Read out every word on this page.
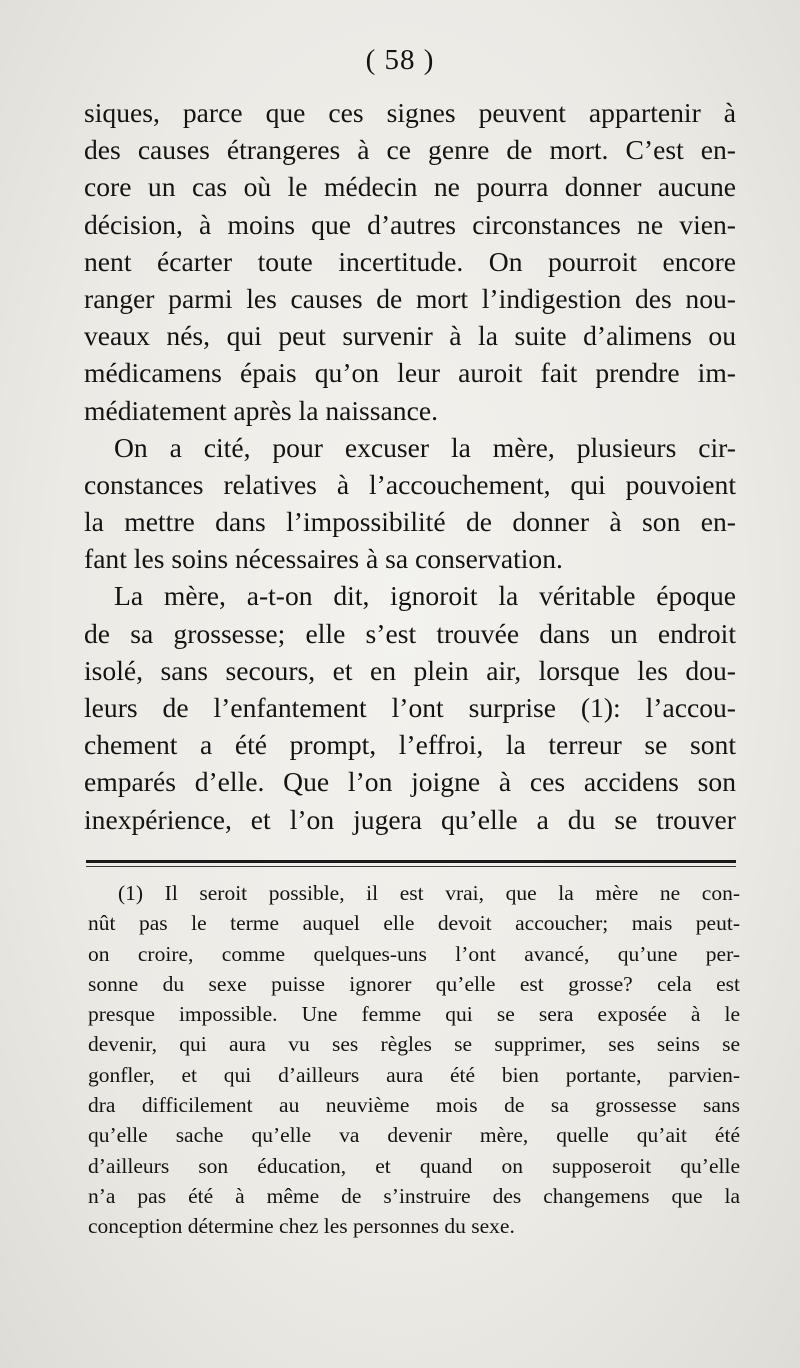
( 58 )
siques, parce que ces signes peuvent appartenir à
des causes étrangeres à ce genre de mort. C’est en-
core un cas où le médecin ne pourra donner aucune
décision, à moins que d’autres circonstances ne vien-
nent écarter toute incertitude. On pourroit encore
ranger parmi les causes de mort l’indigestion des nou-
veaux nés, qui peut survenir à la suite d’alimens ou
médicamens épais qu’on leur auroit fait prendre im-
médiatement après la naissance.
On a cité, pour excuser la mère, plusieurs cir-
constances relatives à l’accouchement, qui pouvoient
la mettre dans l’impossibilité de donner à son en-
fant les soins nécessaires à sa conservation.
La mère, a-t-on dit, ignoroit la véritable époque
de sa grossesse; elle s’est trouvée dans un endroit
isolé, sans secours, et en plein air, lorsque les dou-
leurs de l’enfantement l’ont surprise (1): l’accou-
chement a été prompt, l’effroi, la terreur se sont
emparés d’elle. Que l’on joigne à ces accidens son
inexpérience, et l’on jugera qu’elle a du se trouver
(1) Il seroit possible, il est vrai, que la mère ne con-
nût pas le terme auquel elle devoit accoucher; mais peut-
on croire, comme quelques-uns l’ont avancé, qu’une per-
sonne du sexe puisse ignorer qu’elle est grosse? cela est
presque impossible. Une femme qui se sera exposée à le
devenir, qui aura vu ses règles se supprimer, ses seins se
gonfler, et qui d’ailleurs aura été bien portante, parvien-
dra difficilement au neuvième mois de sa grossesse sans
qu’elle sache qu’elle va devenir mère, quelle qu’ait été
d’ailleurs son éducation, et quand on supposeroit qu’elle
n’a pas été à même de s’instruire des changemens que la
conception détermine chez les personnes du sexe.
